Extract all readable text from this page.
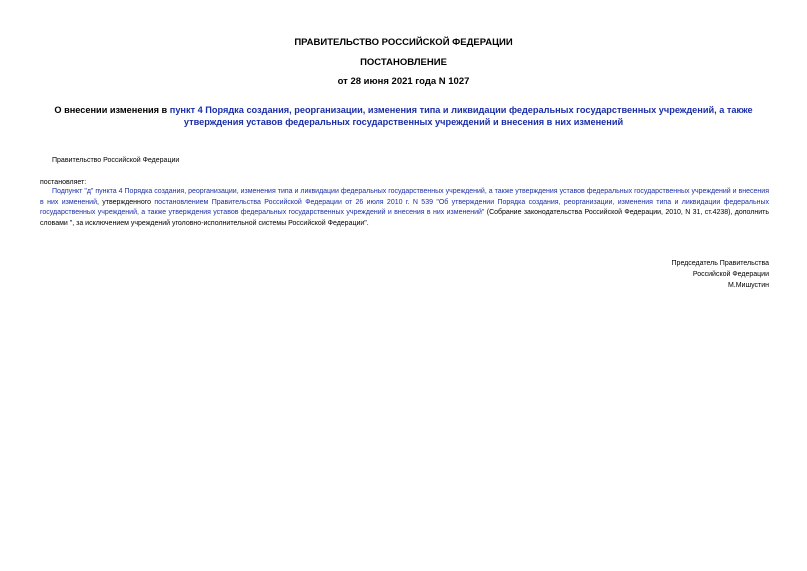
ПРАВИТЕЛЬСТВО РОССИЙСКОЙ ФЕДЕРАЦИИ
ПОСТАНОВЛЕНИЕ
от 28 июня 2021 года N 1027
О внесении изменения в пункт 4 Порядка создания, реорганизации, изменения типа и ликвидации федеральных государственных учреждений, а также утверждения уставов федеральных государственных учреждений и внесения в них изменений
Правительство Российской Федерации
постановляет:
Подпункт "д" пункта 4 Порядка создания, реорганизации, изменения типа и ликвидации федеральных государственных учреждений, а также утверждения уставов федеральных государственных учреждений и внесения в них изменений, утвержденного постановлением Правительства Российской Федерации от 26 июля 2010 г. N 539 "Об утверждении Порядка создания, реорганизации, изменения типа и ликвидации федеральных государственных учреждений, а также утверждения уставов федеральных государственных учреждений и внесения в них изменений" (Собрание законодательства Российской Федерации, 2010, N 31, ст.4238), дополнить словами ", за исключением учреждений уголовно-исполнительной системы Российской Федерации".
Председатель Правительства
Российской Федерации
М.Мишустин
